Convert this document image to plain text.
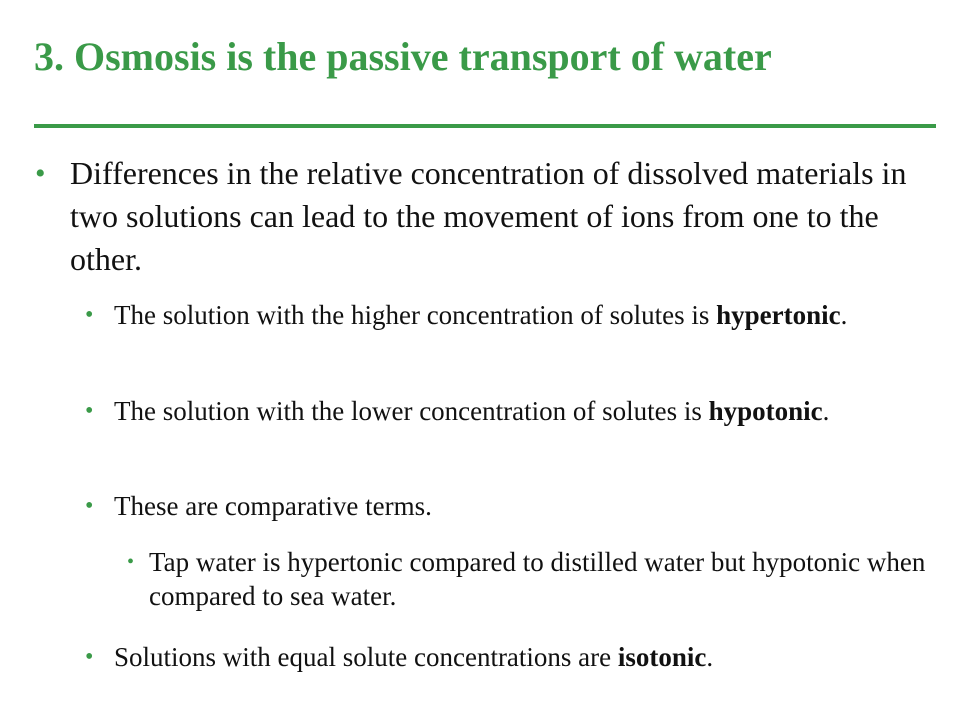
3. Osmosis is the passive transport of water

• Differences in the relative concentration of dissolved materials in two solutions can lead to the movement of ions from one to the other.

• The solution with the higher concentration of solutes is hypertonic.

• The solution with the lower concentration of solutes is hypotonic.

• These are comparative terms.

• Tap water is hypertonic compared to distilled water but hypotonic when compared to sea water.

• Solutions with equal solute concentrations are isotonic.
